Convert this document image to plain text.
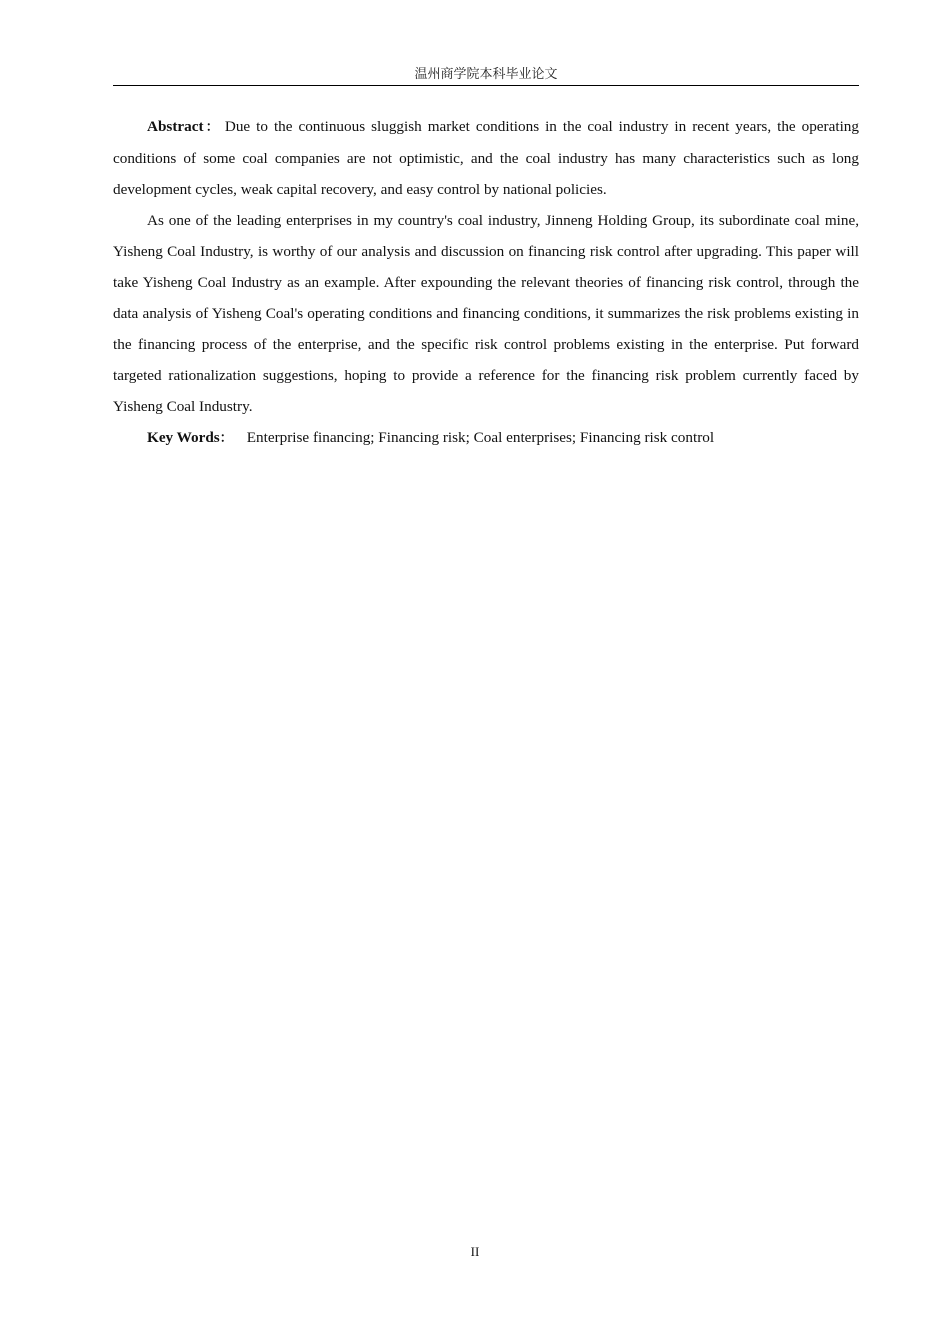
温州商学院本科毕业论文

Abstract： Due to the continuous sluggish market conditions in the coal industry in recent years, the operating conditions of some coal companies are not optimistic, and the coal industry has many characteristics such as long development cycles, weak capital recovery, and easy control by national policies.

As one of the leading enterprises in my country's coal industry, Jinneng Holding Group, its subordinate coal mine, Yisheng Coal Industry, is worthy of our analysis and discussion on financing risk control after upgrading. This paper will take Yisheng Coal Industry as an example. After expounding the relevant theories of financing risk control, through the data analysis of Yisheng Coal's operating conditions and financing conditions, it summarizes the risk problems existing in the financing process of the enterprise, and the specific risk control problems existing in the enterprise. Put forward targeted rationalization suggestions, hoping to provide a reference for the financing risk problem currently faced by Yisheng Coal Industry.

Key Words： Enterprise financing; Financing risk; Coal enterprises; Financing risk control

II
